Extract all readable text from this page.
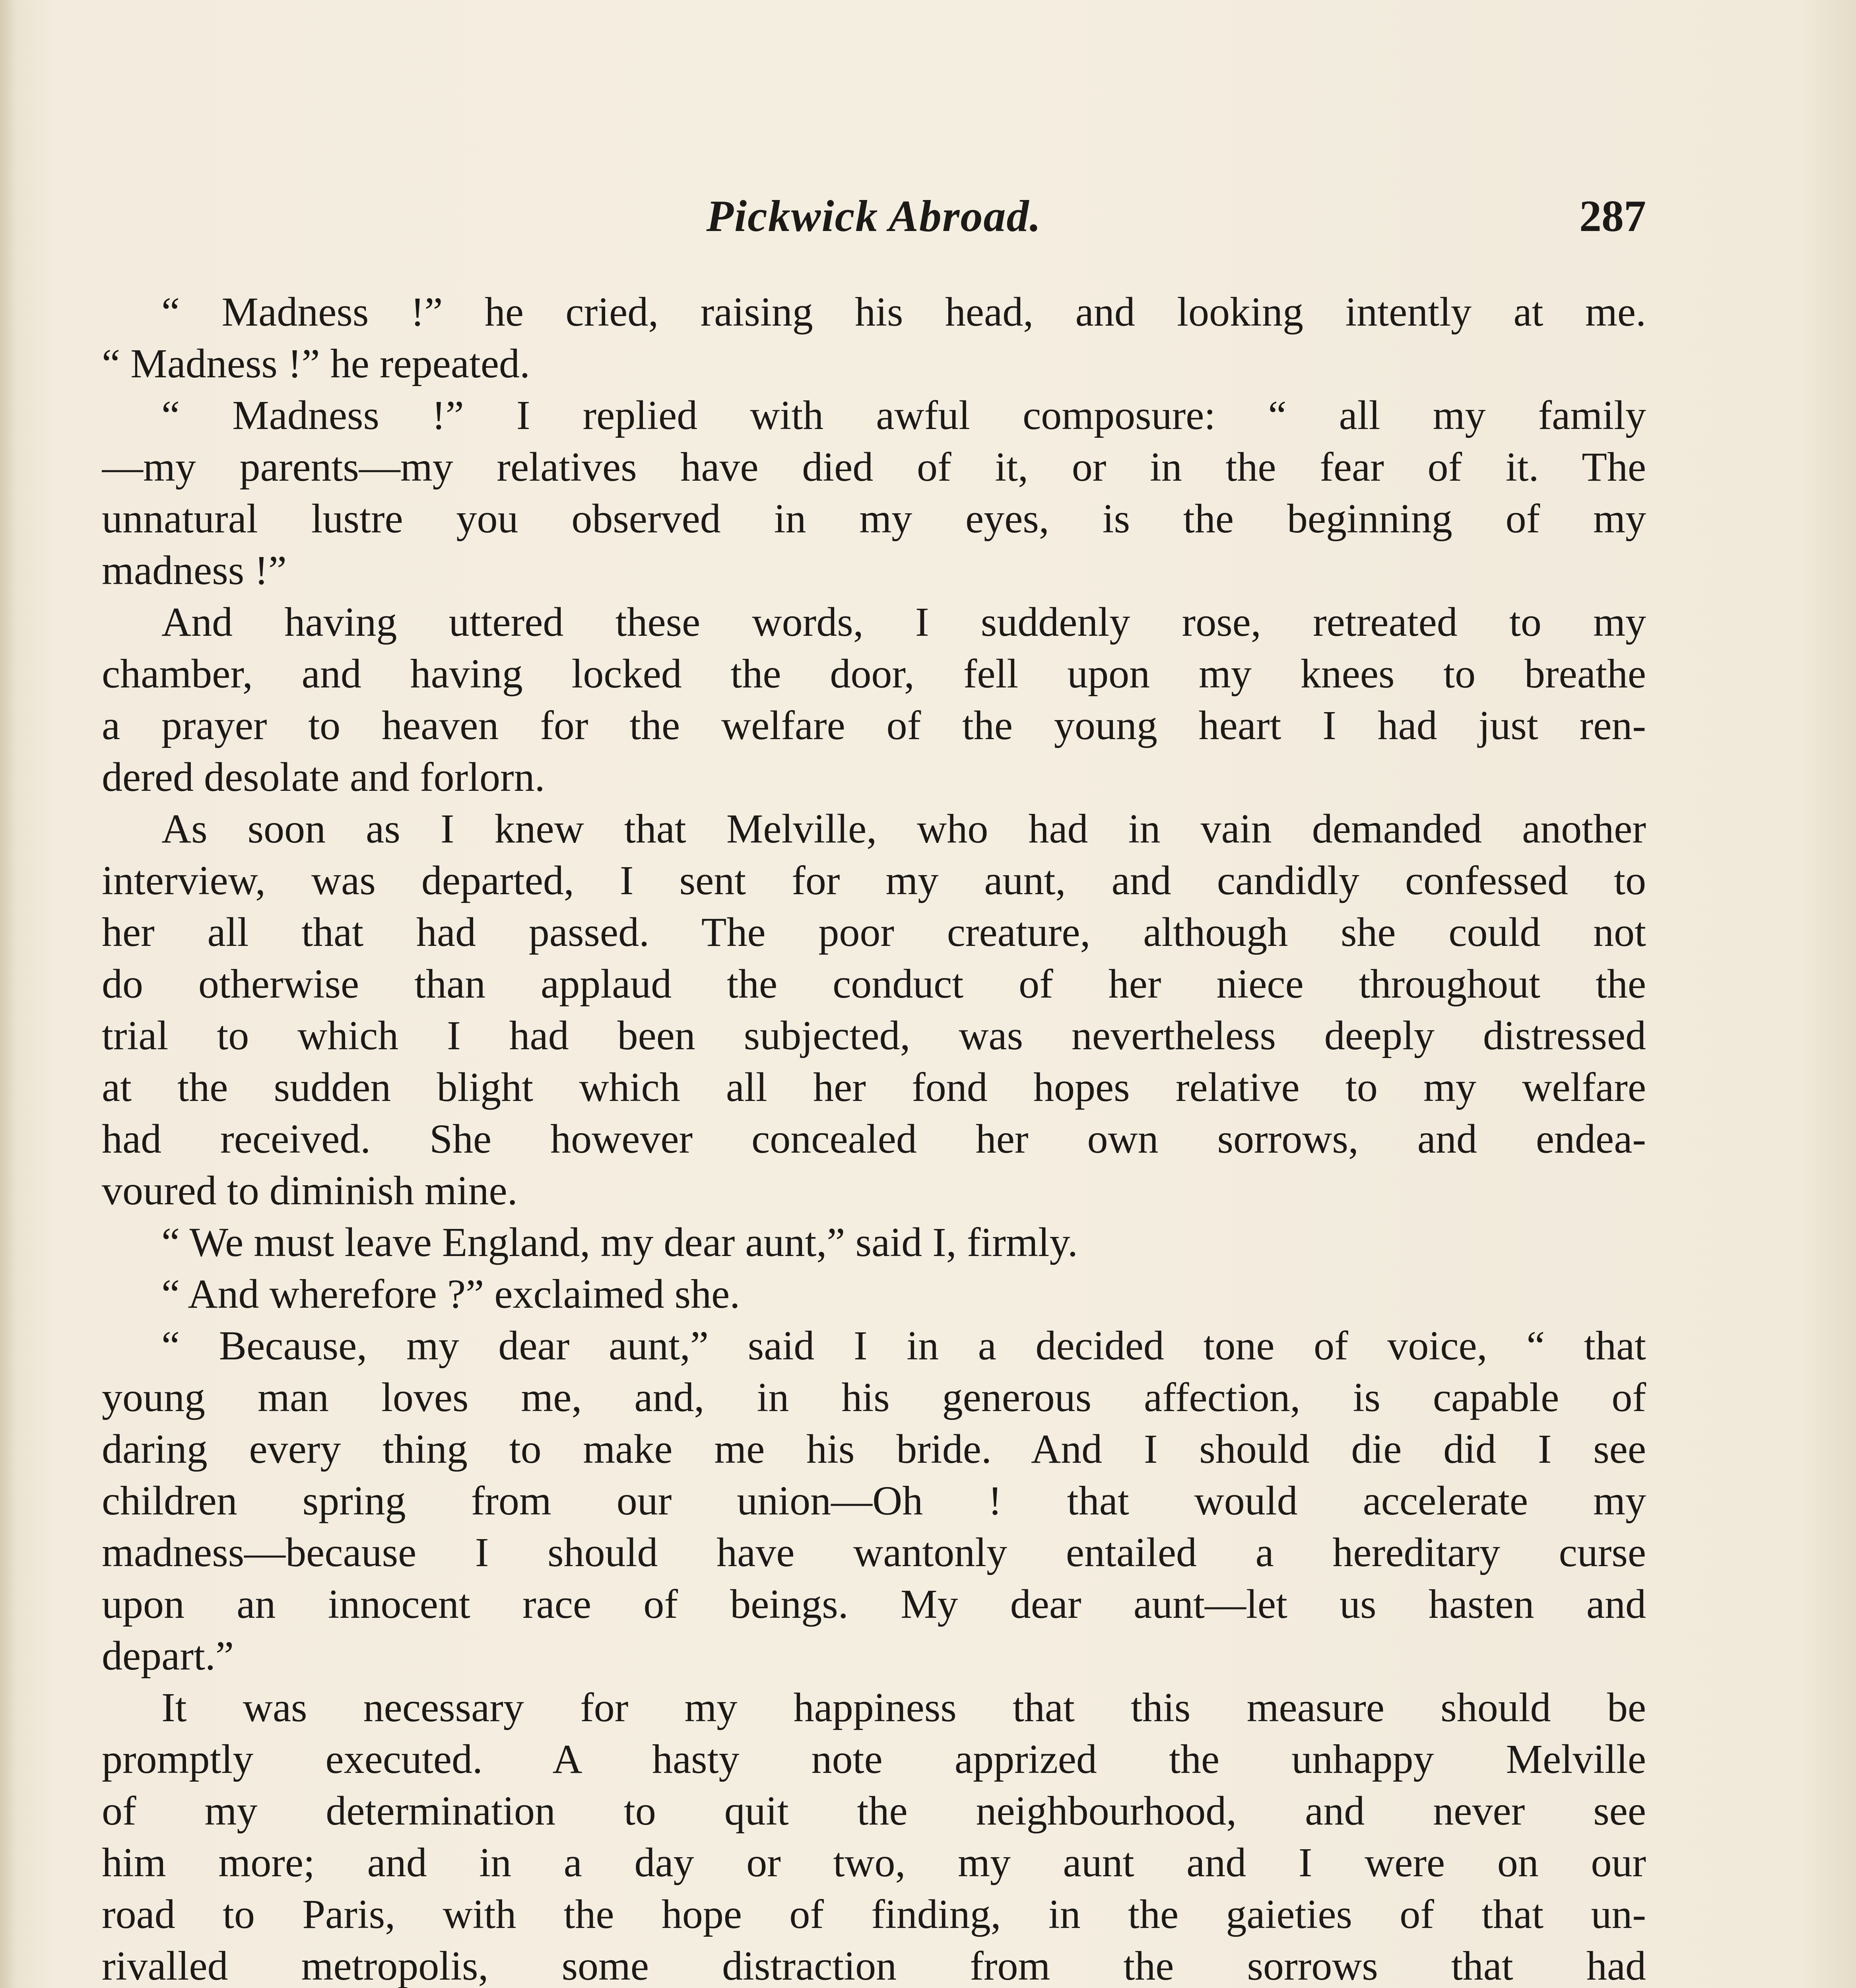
Pickwick Abroad.	287
“ Madness !” he cried, raising his head, and looking intently at me.
“ Madness !” he repeated.
“ Madness !” I replied with awful composure: “ all my family
—my parents—my relatives have died of it, or in the fear of it. The
unnatural lustre you observed in my eyes, is the beginning of my
madness !”
And having uttered these words, I suddenly rose, retreated to my
chamber, and having locked the door, fell upon my knees to breathe
a prayer to heaven for the welfare of the young heart I had just ren-
dered desolate and forlorn.
As soon as I knew that Melville, who had in vain demanded another
interview, was departed, I sent for my aunt, and candidly confessed to
her all that had passed. The poor creature, although she could not
do otherwise than applaud the conduct of her niece throughout the
trial to which I had been subjected, was nevertheless deeply distressed
at the sudden blight which all her fond hopes relative to my welfare
had received. She however concealed her own sorrows, and endea-
voured to diminish mine.
“ We must leave England, my dear aunt,” said I, firmly.
“ And wherefore ?” exclaimed she.
“ Because, my dear aunt,” said I in a decided tone of voice, “ that
young man loves me, and, in his generous affection, is capable of
daring every thing to make me his bride. And I should die did I see
children spring from our union—Oh ! that would accelerate my
madness—because I should have wantonly entailed a hereditary curse
upon an innocent race of beings. My dear aunt—let us hasten and
depart.”
It was necessary for my happiness that this measure should be
promptly executed. A hasty note apprized the unhappy Melville
of my determination to quit the neighbourhood, and never see
him more; and in a day or two, my aunt and I were on our
road to Paris, with the hope of finding, in the gaieties of that un-
rivalled metropolis, some distraction from the sorrows that had
